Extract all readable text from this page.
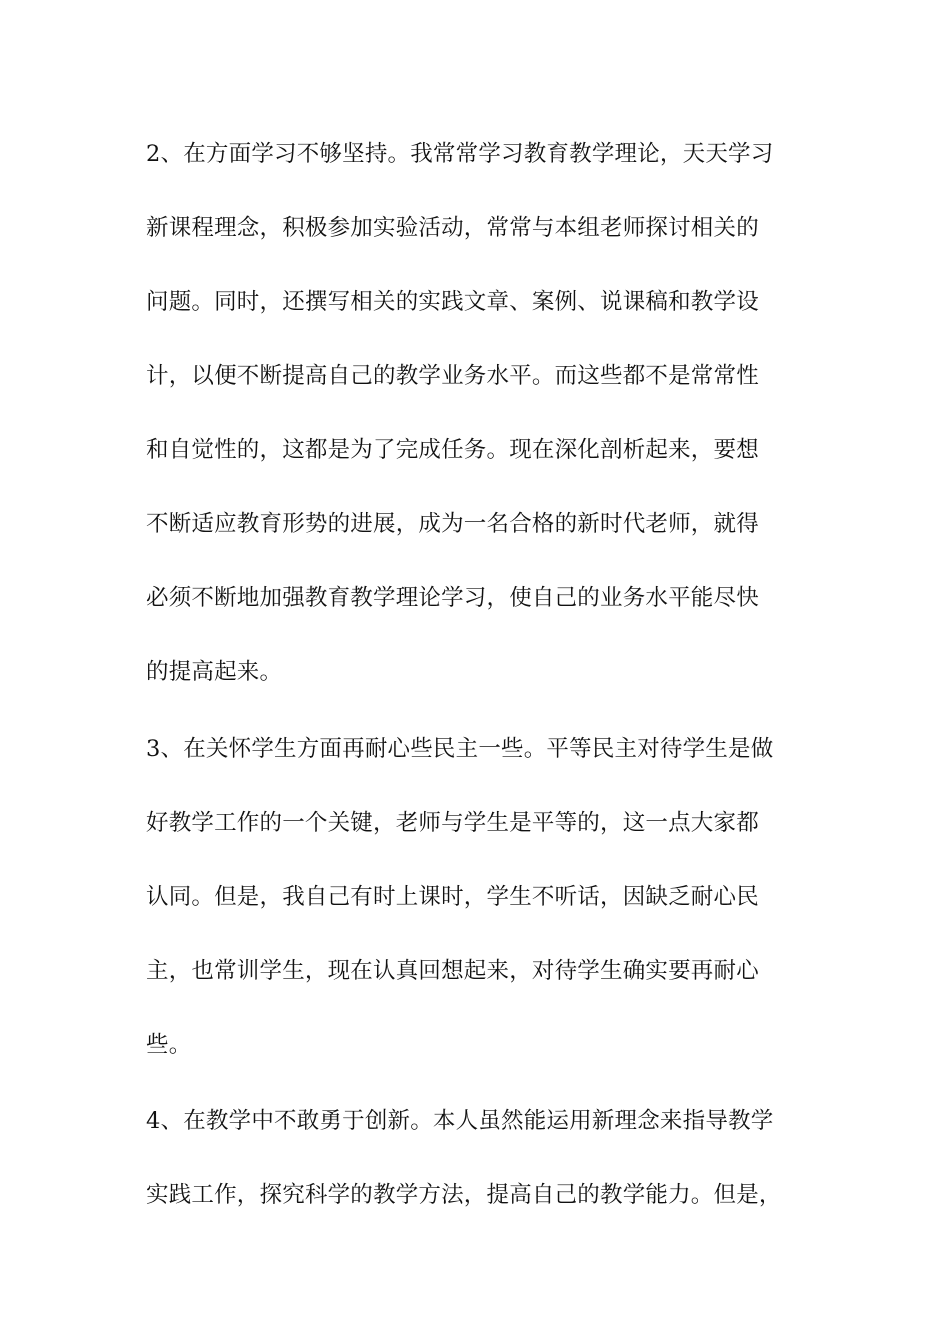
2、在方面学习不够坚持。我常常学习教育教学理论，天天学习
新课程理念，积极参加实验活动，常常与本组老师探讨相关的
问题。同时，还撰写相关的实践文章、案例、说课稿和教学设
计，以便不断提高自己的教学业务水平。而这些都不是常常性
和自觉性的，这都是为了完成任务。现在深化剖析起来，要想
不断适应教育形势的进展，成为一名合格的新时代老师，就得
必须不断地加强教育教学理论学习，使自己的业务水平能尽快
的提高起来。
3、在关怀学生方面再耐心些民主一些。平等民主对待学生是做
好教学工作的一个关键，老师与学生是平等的，这一点大家都
认同。但是，我自己有时上课时，学生不听话，因缺乏耐心民
主，也常训学生，现在认真回想起来，对待学生确实要再耐心
些。
4、在教学中不敢勇于创新。本人虽然能运用新理念来指导教学
实践工作，探究科学的教学方法，提高自己的教学能力。但是，
